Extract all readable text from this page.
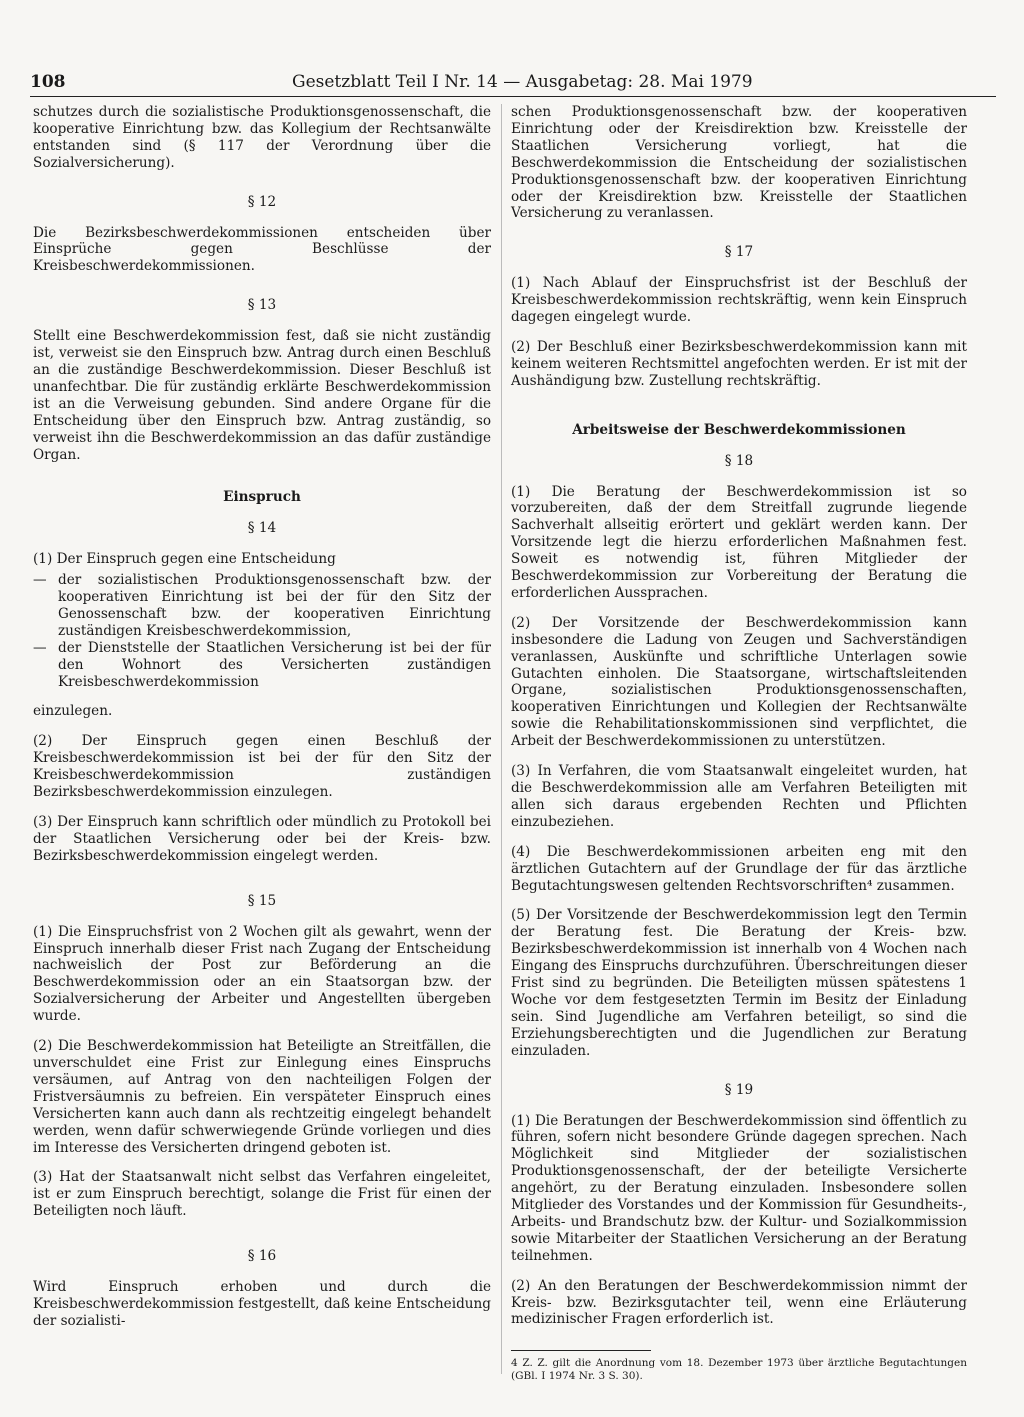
108	Gesetzblatt Teil I Nr. 14 — Ausgabetag: 28. Mai 1979

schutzes durch die sozialistische Produktionsgenossenschaft, die kooperative Einrichtung bzw. das Kollegium der Rechtsanwälte entstanden sind (§ 117 der Verordnung über die Sozialversicherung).

§ 12

Die Bezirksbeschwerdekommissionen entscheiden über Einsprüche gegen Beschlüsse der Kreisbeschwerdekommissionen.

§ 13

Stellt eine Beschwerdekommission fest, daß sie nicht zuständig ist, verweist sie den Einspruch bzw. Antrag durch einen Beschluß an die zuständige Beschwerdekommission. Dieser Beschluß ist unanfechtbar. Die für zuständig erklärte Beschwerdekommission ist an die Verweisung gebunden. Sind andere Organe für die Entscheidung über den Einspruch bzw. Antrag zuständig, so verweist ihn die Beschwerdekommission an das dafür zuständige Organ.

Einspruch
§ 14

(1) Der Einspruch gegen eine Entscheidung

— der sozialistischen Produktionsgenossenschaft bzw. der kooperativen Einrichtung ist bei der für den Sitz der Genossenschaft bzw. der kooperativen Einrichtung zuständigen Kreisbeschwerdekommission,
— der Dienststelle der Staatlichen Versicherung ist bei der für den Wohnort des Versicherten zuständigen Kreisbeschwerdekommission

einzulegen.

(2) Der Einspruch gegen einen Beschluß der Kreisbeschwerdekommission ist bei der für den Sitz der Kreisbeschwerdekommission zuständigen Bezirksbeschwerdekommission einzulegen.

(3) Der Einspruch kann schriftlich oder mündlich zu Protokoll bei der Staatlichen Versicherung oder bei der Kreis- bzw. Bezirksbeschwerdekommission eingelegt werden.

§ 15

(1) Die Einspruchsfrist von 2 Wochen gilt als gewahrt, wenn der Einspruch innerhalb dieser Frist nach Zugang der Entscheidung nachweislich der Post zur Beförderung an die Beschwerdekommission oder an ein Staatsorgan bzw. der Sozialversicherung der Arbeiter und Angestellten übergeben wurde.

(2) Die Beschwerdekommission hat Beteiligte an Streitfällen, die unverschuldet eine Frist zur Einlegung eines Einspruchs versäumen, auf Antrag von den nachteiligen Folgen der Fristversäumnis zu befreien. Ein verspäteter Einspruch eines Versicherten kann auch dann als rechtzeitig eingelegt behandelt werden, wenn dafür schwerwiegende Gründe vorliegen und dies im Interesse des Versicherten dringend geboten ist.

(3) Hat der Staatsanwalt nicht selbst das Verfahren eingeleitet, ist er zum Einspruch berechtigt, solange die Frist für einen der Beteiligten noch läuft.

§ 16

Wird Einspruch erhoben und durch die Kreisbeschwerdekommission festgestellt, daß keine Entscheidung der sozialisti-

schen Produktionsgenossenschaft bzw. der kooperativen Einrichtung oder der Kreisdirektion bzw. Kreisstelle der Staatlichen Versicherung vorliegt, hat die Beschwerdekommission die Entscheidung der sozialistischen Produktionsgenossenschaft bzw. der kooperativen Einrichtung oder der Kreisdirektion bzw. Kreisstelle der Staatlichen Versicherung zu veranlassen.

§ 17

(1) Nach Ablauf der Einspruchsfrist ist der Beschluß der Kreisbeschwerdekommission rechtskräftig, wenn kein Einspruch dagegen eingelegt wurde.

(2) Der Beschluß einer Bezirksbeschwerdekommission kann mit keinem weiteren Rechtsmittel angefochten werden. Er ist mit der Aushändigung bzw. Zustellung rechtskräftig.

Arbeitsweise der Beschwerdekommissionen
§ 18

(1) Die Beratung der Beschwerdekommission ist so vorzubereiten, daß der dem Streitfall zugrunde liegende Sachverhalt allseitig erörtert und geklärt werden kann. Der Vorsitzende legt die hierzu erforderlichen Maßnahmen fest. Soweit es notwendig ist, führen Mitglieder der Beschwerdekommission zur Vorbereitung der Beratung die erforderlichen Aussprachen.

(2) Der Vorsitzende der Beschwerdekommission kann insbesondere die Ladung von Zeugen und Sachverständigen veranlassen, Auskünfte und schriftliche Unterlagen sowie Gutachten einholen. Die Staatsorgane, wirtschaftsleitenden Organe, sozialistischen Produktionsgenossenschaften, kooperativen Einrichtungen und Kollegien der Rechtsanwälte sowie die Rehabilitationskommissionen sind verpflichtet, die Arbeit der Beschwerdekommissionen zu unterstützen.

(3) In Verfahren, die vom Staatsanwalt eingeleitet wurden, hat die Beschwerdekommission alle am Verfahren Beteiligten mit allen sich daraus ergebenden Rechten und Pflichten einzubeziehen.

(4) Die Beschwerdekommissionen arbeiten eng mit den ärztlichen Gutachtern auf der Grundlage der für das ärztliche Begutachtungswesen geltenden Rechtsvorschriften⁴ zusammen.

(5) Der Vorsitzende der Beschwerdekommission legt den Termin der Beratung fest. Die Beratung der Kreis- bzw. Bezirksbeschwerdekommission ist innerhalb von 4 Wochen nach Eingang des Einspruchs durchzuführen. Überschreitungen dieser Frist sind zu begründen. Die Beteiligten müssen spätestens 1 Woche vor dem festgesetzten Termin im Besitz der Einladung sein. Sind Jugendliche am Verfahren beteiligt, so sind die Erziehungsberechtigten und die Jugendlichen zur Beratung einzuladen.

§ 19

(1) Die Beratungen der Beschwerdekommission sind öffentlich zu führen, sofern nicht besondere Gründe dagegen sprechen. Nach Möglichkeit sind Mitglieder der sozialistischen Produktionsgenossenschaft, der der beteiligte Versicherte angehört, zu der Beratung einzuladen. Insbesondere sollen Mitglieder des Vorstandes und der Kommission für Gesundheits-, Arbeits- und Brandschutz bzw. der Kultur- und Sozialkommission sowie Mitarbeiter der Staatlichen Versicherung an der Beratung teilnehmen.

(2) An den Beratungen der Beschwerdekommission nimmt der Kreis- bzw. Bezirksgutachter teil, wenn eine Erläuterung medizinischer Fragen erforderlich ist.

4 Z. Z. gilt die Anordnung vom 18. Dezember 1973 über ärztliche Begutachtungen (GBl. I 1974 Nr. 3 S. 30).
